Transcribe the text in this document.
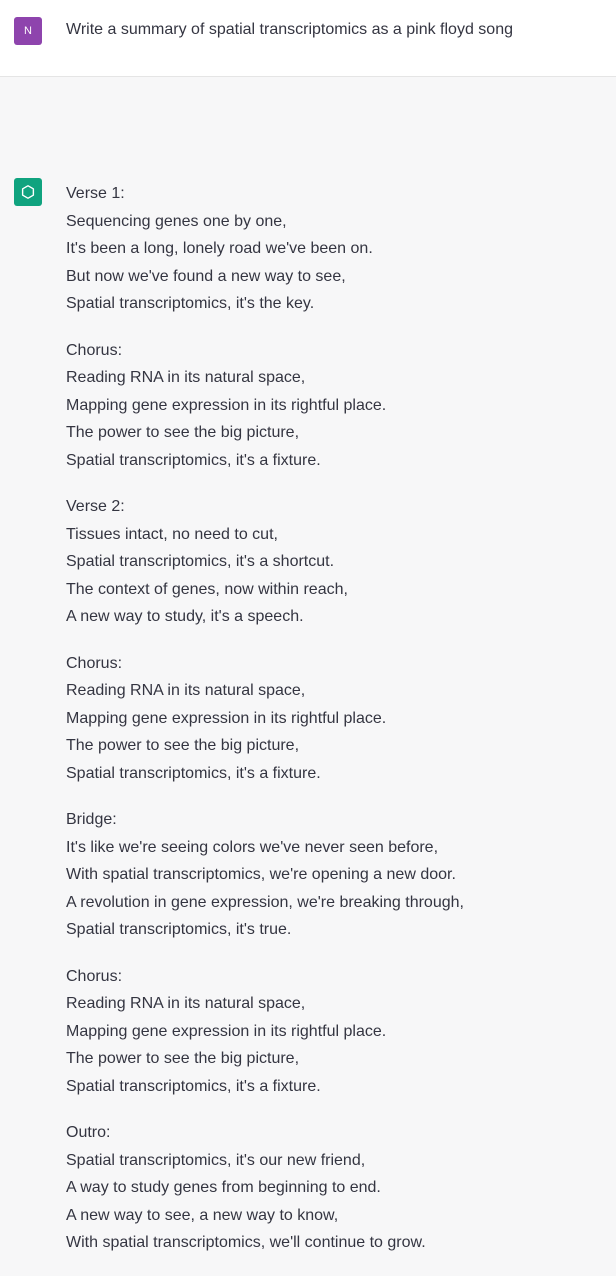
N	Write a summary of spatial transcriptomics as a pink floyd song
Verse 1:
Sequencing genes one by one,
It's been a long, lonely road we've been on.
But now we've found a new way to see,
Spatial transcriptomics, it's the key.
Chorus:
Reading RNA in its natural space,
Mapping gene expression in its rightful place.
The power to see the big picture,
Spatial transcriptomics, it's a fixture.
Verse 2:
Tissues intact, no need to cut,
Spatial transcriptomics, it's a shortcut.
The context of genes, now within reach,
A new way to study, it's a speech.
Chorus:
Reading RNA in its natural space,
Mapping gene expression in its rightful place.
The power to see the big picture,
Spatial transcriptomics, it's a fixture.
Bridge:
It's like we're seeing colors we've never seen before,
With spatial transcriptomics, we're opening a new door.
A revolution in gene expression, we're breaking through,
Spatial transcriptomics, it's true.
Chorus:
Reading RNA in its natural space,
Mapping gene expression in its rightful place.
The power to see the big picture,
Spatial transcriptomics, it's a fixture.
Outro:
Spatial transcriptomics, it's our new friend,
A way to study genes from beginning to end.
A new way to see, a new way to know,
With spatial transcriptomics, we'll continue to grow.
